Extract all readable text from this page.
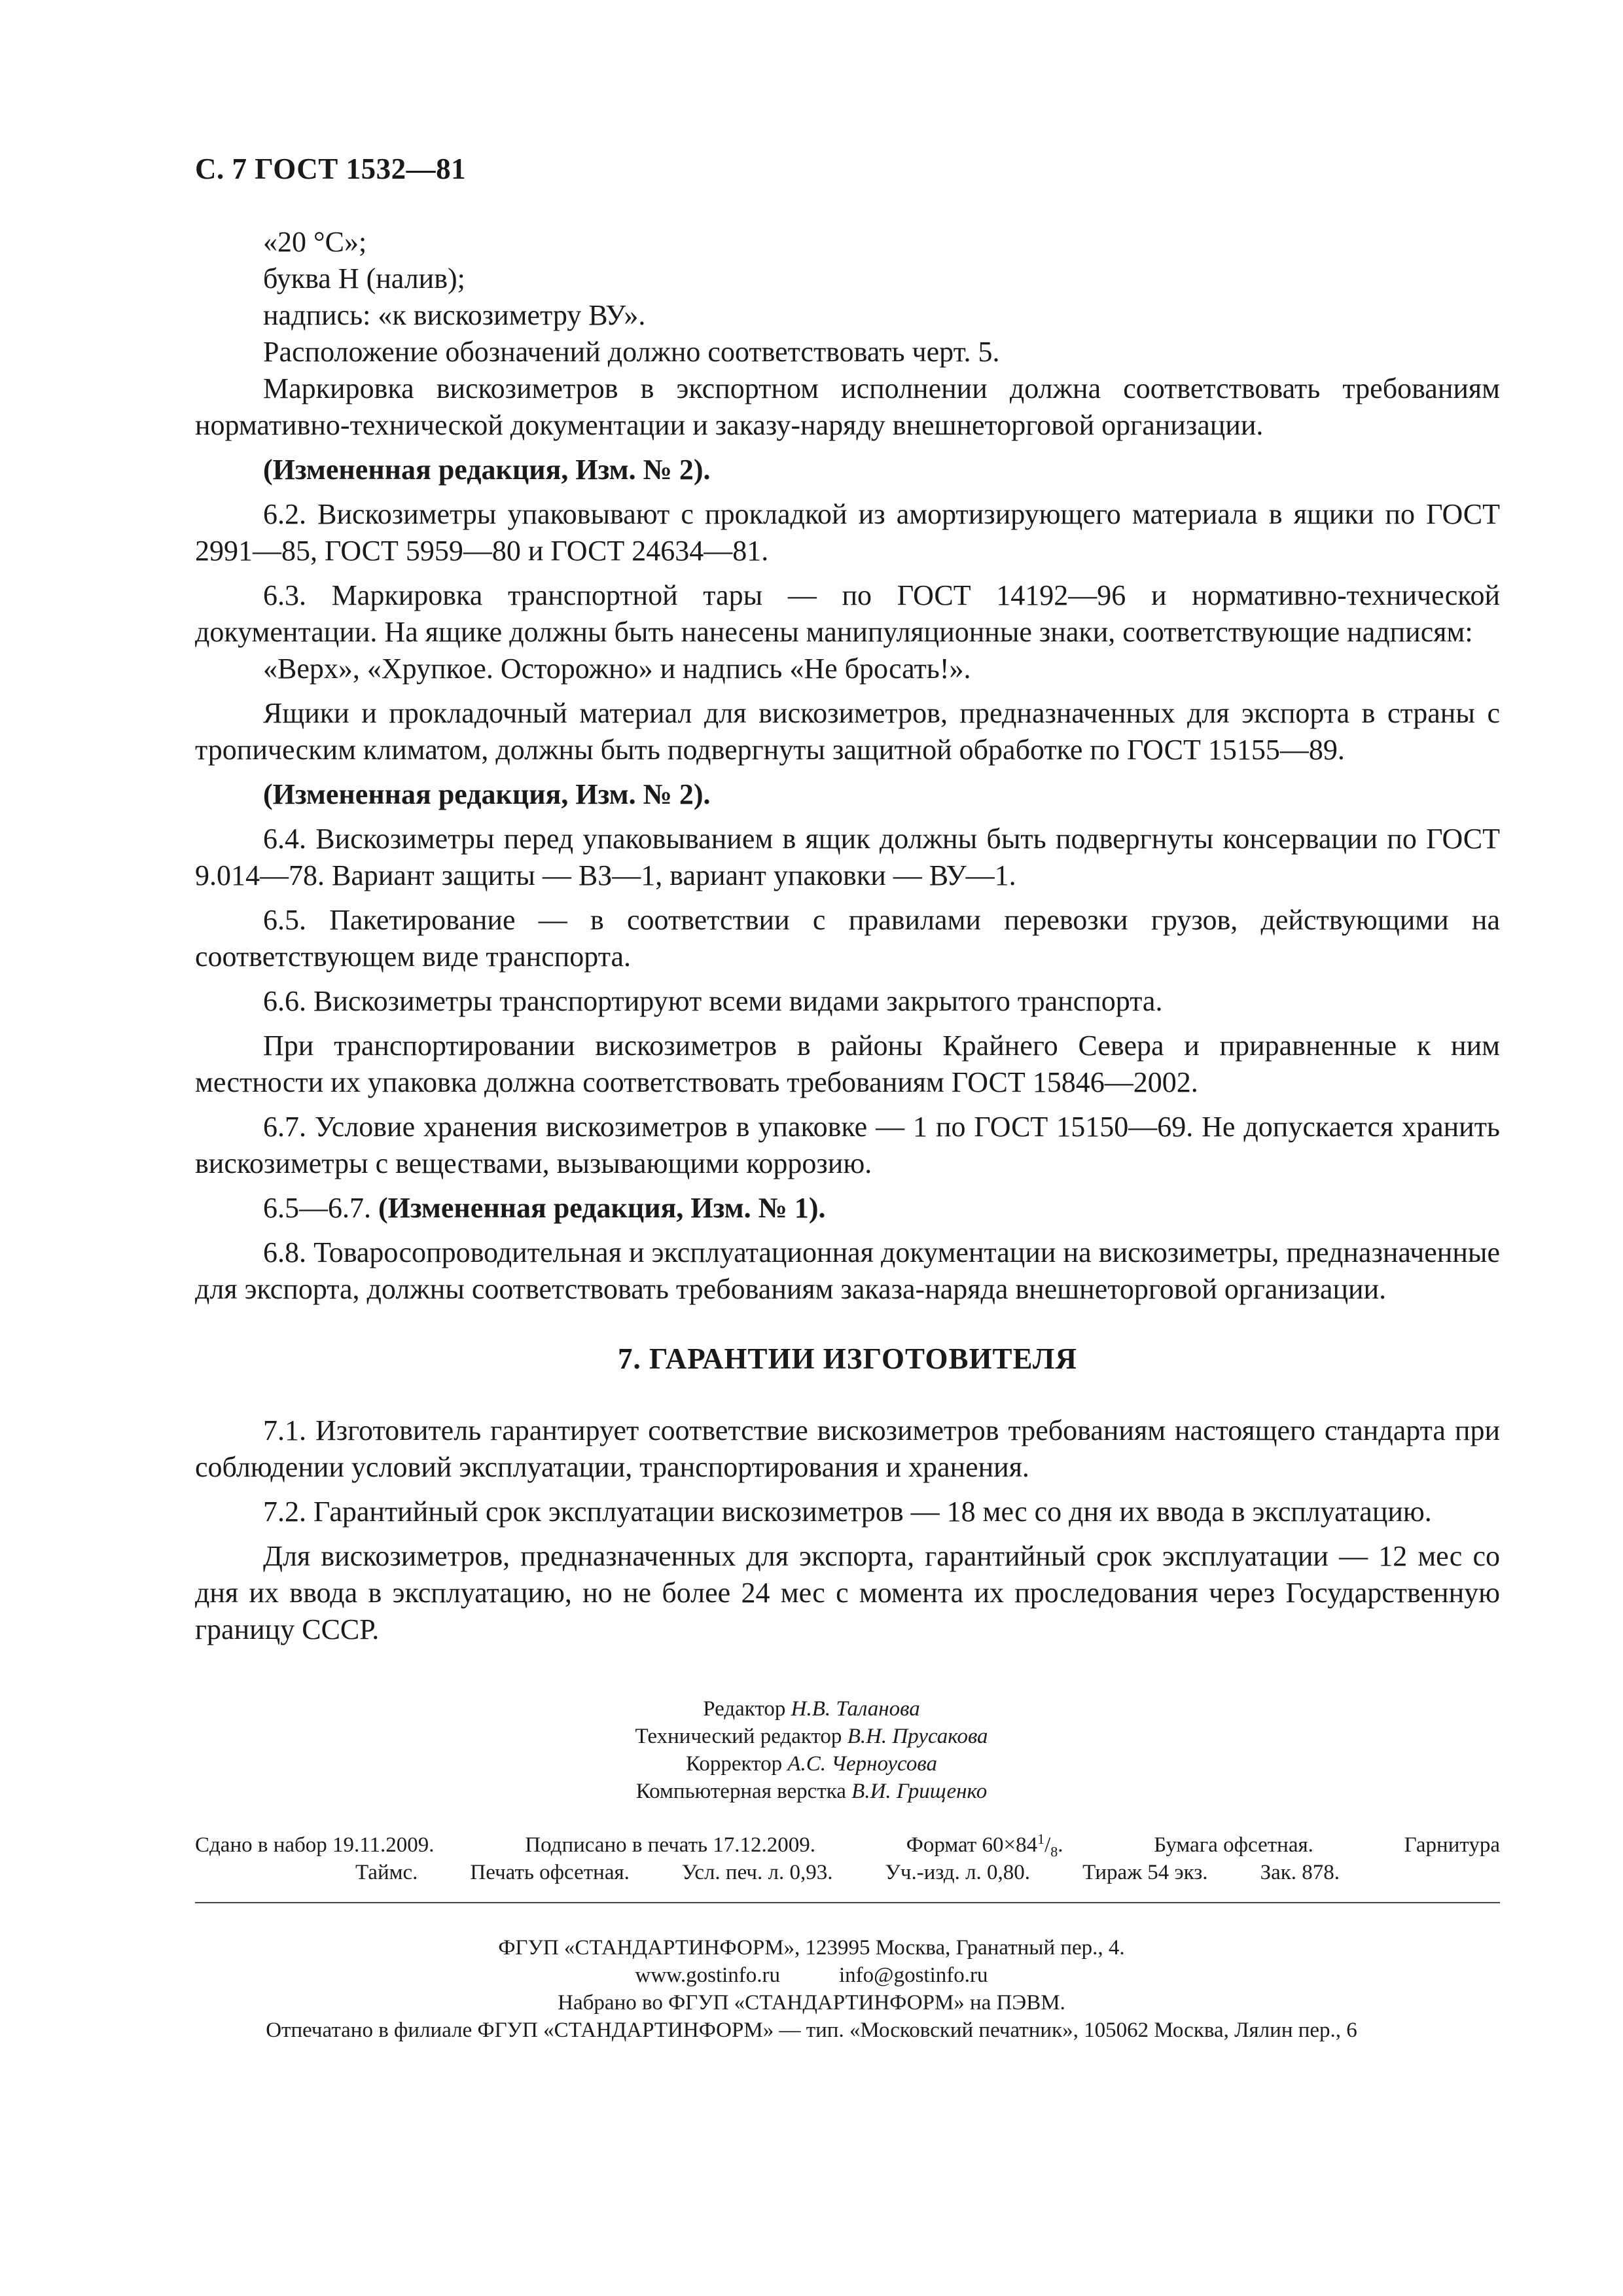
С. 7 ГОСТ 1532—81

«20 °С»;

буква Н (налив);

надпись: «к вискозиметру ВУ».

Расположение обозначений должно соответствовать черт. 5.

Маркировка вискозиметров в экспортном исполнении должна соответствовать требованиям нормативно-технической документации и заказу-наряду внешнеторговой организации.

(Измененная редакция, Изм. № 2).

6.2. Вискозиметры упаковывают с прокладкой из амортизирующего материала в ящики по ГОСТ 2991—85, ГОСТ 5959—80 и ГОСТ 24634—81.

6.3. Маркировка транспортной тары — по ГОСТ 14192—96 и нормативно-технической документации. На ящике должны быть нанесены манипуляционные знаки, соответствующие надписям:

«Верх», «Хрупкое. Осторожно» и надпись «Не бросать!».

Ящики и прокладочный материал для вискозиметров, предназначенных для экспорта в страны с тропическим климатом, должны быть подвергнуты защитной обработке по ГОСТ 15155—89.

(Измененная редакция, Изм. № 2).

6.4. Вискозиметры перед упаковыванием в ящик должны быть подвергнуты консервации по ГОСТ 9.014—78. Вариант защиты — ВЗ—1, вариант упаковки — ВУ—1.

6.5. Пакетирование — в соответствии с правилами перевозки грузов, действующими на соответствующем виде транспорта.

6.6. Вискозиметры транспортируют всеми видами закрытого транспорта.

При транспортировании вискозиметров в районы Крайнего Севера и приравненные к ним местности их упаковка должна соответствовать требованиям ГОСТ 15846—2002.

6.7. Условие хранения вискозиметров в упаковке — 1 по ГОСТ 15150—69. Не допускается хранить вискозиметры с веществами, вызывающими коррозию.

6.5—6.7. (Измененная редакция, Изм. № 1).

6.8. Товаросопроводительная и эксплуатационная документации на вискозиметры, предназначенные для экспорта, должны соответствовать требованиям заказа-наряда внешнеторговой организации.

7. ГАРАНТИИ ИЗГОТОВИТЕЛЯ

7.1. Изготовитель гарантирует соответствие вискозиметров требованиям настоящего стандарта при соблюдении условий эксплуатации, транспортирования и хранения.

7.2. Гарантийный срок эксплуатации вискозиметров — 18 мес со дня их ввода в эксплуатацию.

Для вискозиметров, предназначенных для экспорта, гарантийный срок эксплуатации — 12 мес со дня их ввода в эксплуатацию, но не более 24 мес с момента их проследования через Государственную границу СССР.

Редактор Н.В. Таланова
Технический редактор В.Н. Прусакова
Корректор А.С. Черноусова
Компьютерная верстка В.И. Грищенко
Сдано в набор 19.11.2009.	Подписано в печать 17.12.2009.	Формат $60\times 84^1/_8$.	Бумага офсетная.	Гарнитура
Таймс. Печать офсетная. Усл. печ. л. 0,93. Уч.-изд. л. 0,80. Тираж 54 экз. Зак. 878.
ФГУП «СТАНДАРТИНФОРМ», 123995 Москва, Гранатный пер., 4.
www.gostinfo.ru	info@gostinfo.ru
Набрано во ФГУП «СТАНДАРТИНФОРМ» на ПЭВМ.
Отпечатано в филиале ФГУП «СТАНДАРТИНФОРМ» — тип. «Московский печатник», 105062 Москва, Лялин пер., 6
